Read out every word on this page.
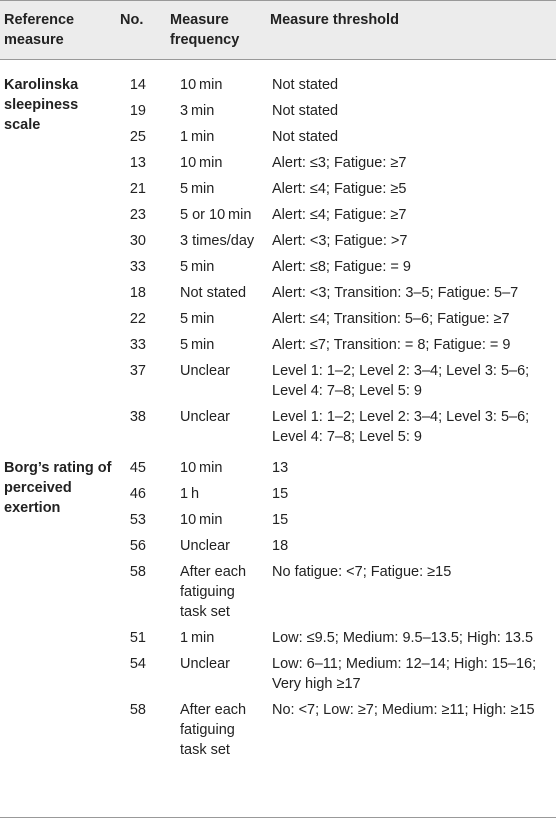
Reference measure	No.	Measure frequency	Measure threshold
Karolinska sleepiness scale	14	10 min	Not stated
	19	3 min	Not stated
	25	1 min	Not stated
	13	10 min	Alert: ≤3; Fatigue: ≥7
	21	5 min	Alert: ≤4; Fatigue: ≥5
	23	5 or 10 min	Alert: ≤4; Fatigue: ≥7
	30	3 times/day	Alert: <3; Fatigue: >7
	33	5 min	Alert: ≤8; Fatigue: = 9
	18	Not stated	Alert: <3; Transition: 3–5; Fatigue: 5–7
	22	5 min	Alert: ≤4; Transition: 5–6; Fatigue: ≥7
	33	5 min	Alert: ≤7; Transition: = 8; Fatigue: = 9
	37	Unclear	Level 1: 1–2; Level 2: 3–4; Level 3: 5–6; Level 4: 7–8; Level 5: 9
	38	Unclear	Level 1: 1–2; Level 2: 3–4; Level 3: 5–6; Level 4: 7–8; Level 5: 9
Borg’s rating of perceived exertion	45	10 min	13
	46	1 h	15
	53	10 min	15
	56	Unclear	18
	58	After each fatiguing task set	No fatigue: <7; Fatigue: ≥15
	51	1 min	Low: ≤9.5; Medium: 9.5–13.5; High: 13.5
	54	Unclear	Low: 6–11; Medium: 12–14; High: 15–16; Very high ≥17
	58	After each fatiguing task set	No: <7; Low: ≥7; Medium: ≥11; High: ≥15
